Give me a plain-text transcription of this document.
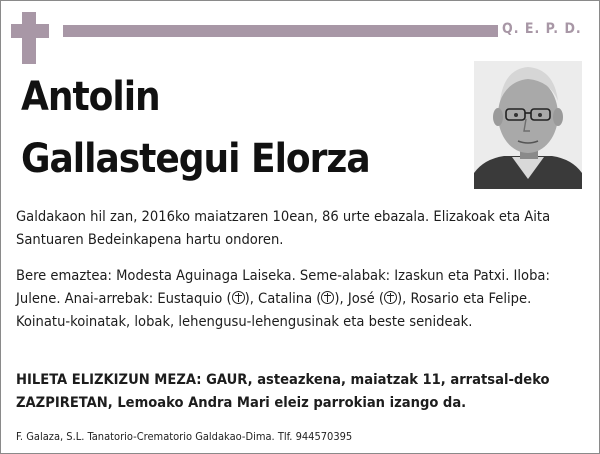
Q. E. P. D.
Antolin
Gallastegui Elorza
Galdakaon hil zan, 2016ko maiatzaren 10ean, 86 urte ebazala. Elizakoak eta Aita Santuaren Bedeinkapena hartu ondoren.
Bere emaztea: Modesta Aguinaga Laiseka. Seme-alabak: Izaskun eta Patxi. Iloba: Julene. Anai-arrebak: Eustaquio ( ), Catalina ( ), José ( ), Rosario eta Felipe. Koinatu-koinatak, lobak, lehengusu-lehengusinak eta beste senideak.
HILETA ELIZKIZUN MEZA: GAUR, asteazkena, maiatzak 11, arratsal-deko ZAZPIRETAN, Lemoako Andra Mari eleiz parrokian izango da.
F. Galaza, S.L. Tanatorio-Crematorio Galdakao-Dima. Tlf. 944570395
